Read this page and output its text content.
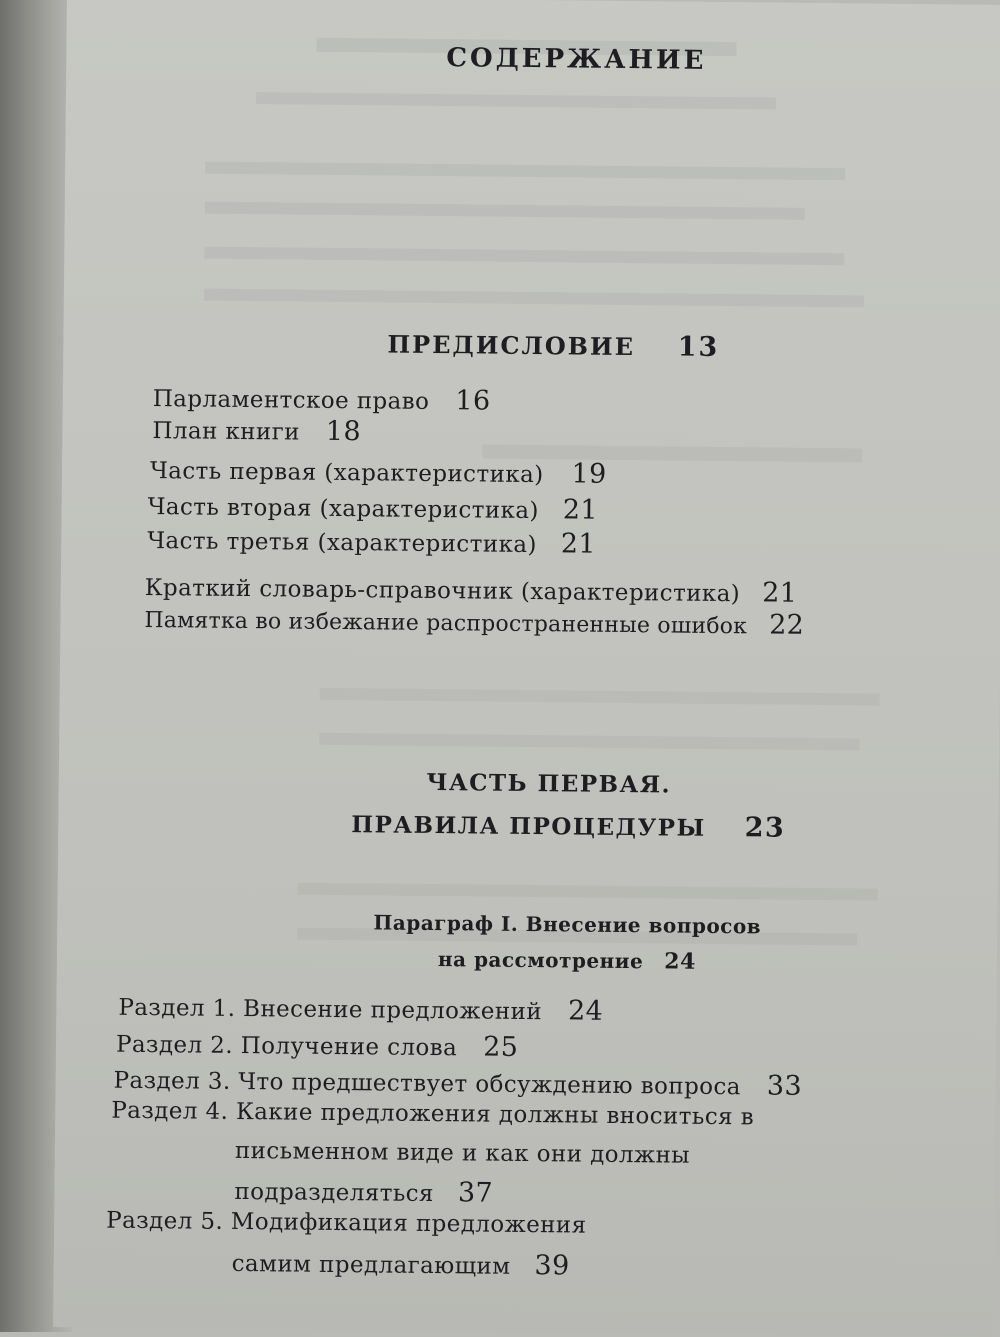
СОДЕРЖАНИЕ
ПРЕДИСЛОВИЕ 13
Парламентское право 16
План книги 18
Часть первая (характеристика) 19
Часть вторая (характеристика) 21
Часть третья (характеристика) 21
Краткий словарь-справочник (характеристика) 21
Памятка во избежание распространенные ошибок 22
ЧАСТЬ ПЕРВАЯ.
ПРАВИЛА ПРОЦЕДУРЫ 23
Параграф I. Внесение вопросов
на рассмотрение 24
Раздел 1. Внесение предложений 24
Раздел 2. Получение слова 25
Раздел 3. Что предшествует обсуждению вопроса 33
Раздел 4. Какие предложения должны вноситься в
письменном виде и как они должны
подразделяться 37
Раздел 5. Модификация предложения
самим предлагающим 39
